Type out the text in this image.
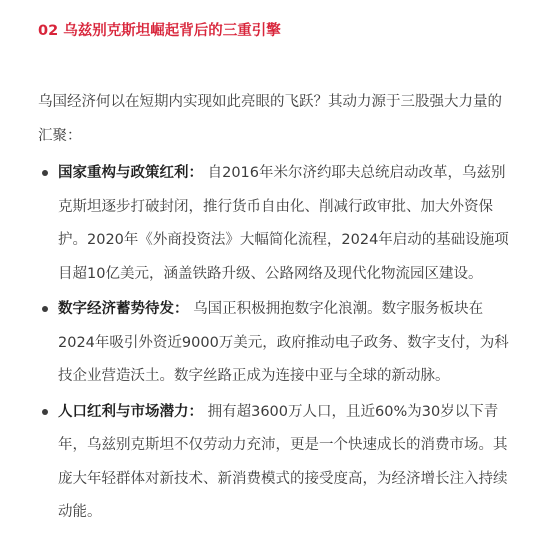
02 乌兹别克斯坦崛起背后的三重引擎
乌国经济何以在短期内实现如此亮眼的飞跃？其动力源于三股强大力量的汇聚：
国家重构与政策红利： 自2016年米尔济约耶夫总统启动改革，乌兹别克斯坦逐步打破封闭，推行货币自由化、削减行政审批、加大外资保护。2020年《外商投资法》大幅简化流程，2024年启动的基础设施项目超10亿美元，涵盖铁路升级、公路网络及现代化物流园区建设。
数字经济蓄势待发： 乌国正积极拥抱数字化浪潮。数字服务板块在2024年吸引外资近9000万美元，政府推动电子政务、数字支付，为科技企业营造沃土。数字丝路正成为连接中亚与全球的新动脉。
人口红利与市场潜力： 拥有超3600万人口，且近60%为30岁以下青年，乌兹别克斯坦不仅劳动力充沛，更是一个快速成长的消费市场。其庞大年轻群体对新技术、新消费模式的接受度高，为经济增长注入持续动能。
